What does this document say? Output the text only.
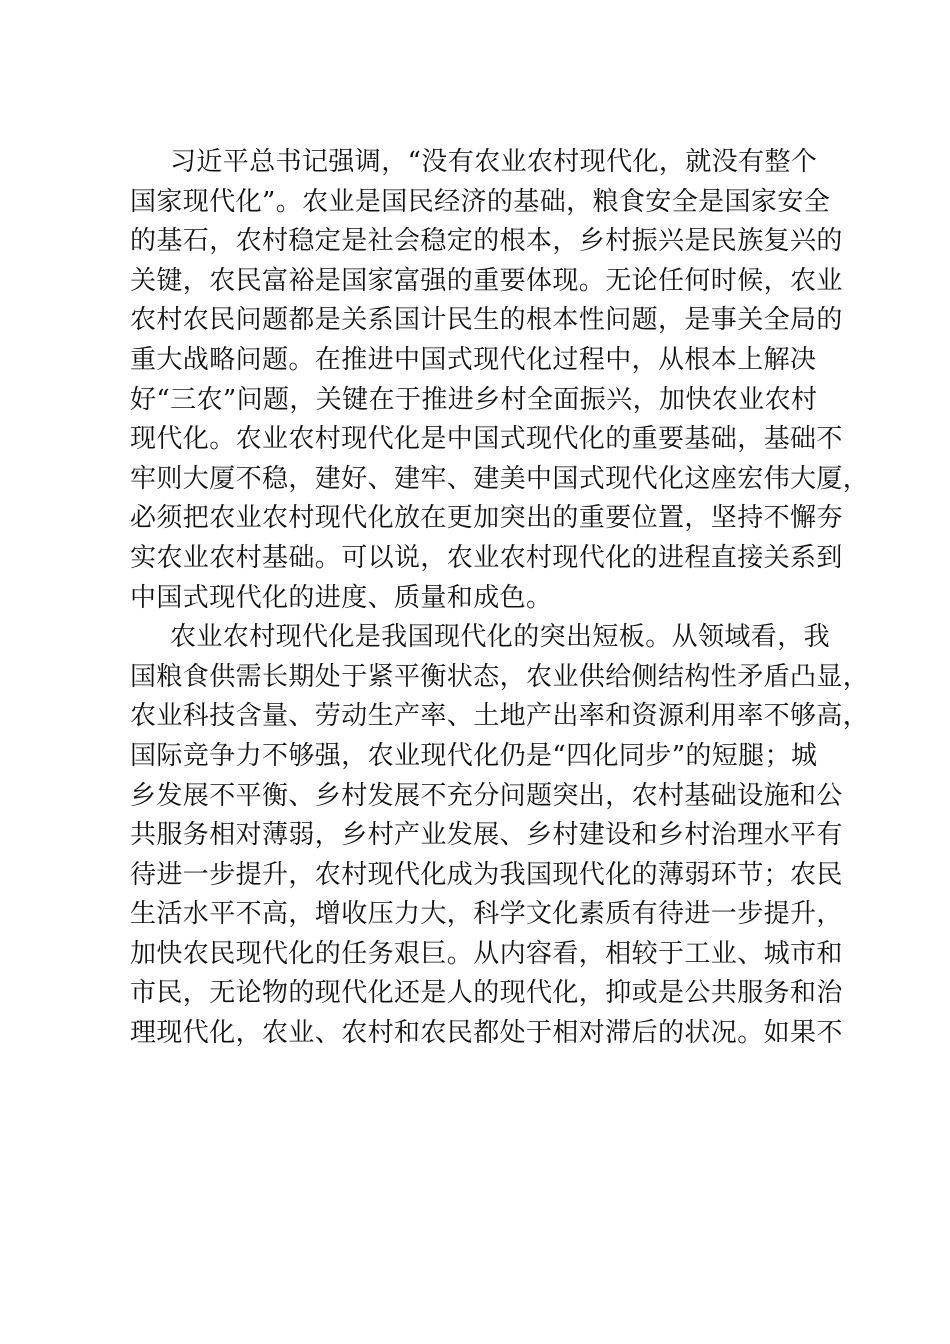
习近平总书记强调，“没有农业农村现代化，就没有整个
国家现代化”。农业是国民经济的基础，粮食安全是国家安全
的基石，农村稳定是社会稳定的根本，乡村振兴是民族复兴的
关键，农民富裕是国家富强的重要体现。无论任何时候，农业
农村农民问题都是关系国计民生的根本性问题，是事关全局的
重大战略问题。在推进中国式现代化过程中，从根本上解决
好“三农”问题，关键在于推进乡村全面振兴，加快农业农村
现代化。农业农村现代化是中国式现代化的重要基础，基础不
牢则大厦不稳，建好、建牢、建美中国式现代化这座宏伟大厦，
必须把农业农村现代化放在更加突出的重要位置，坚持不懈夯
实农业农村基础。可以说，农业农村现代化的进程直接关系到
中国式现代化的进度、质量和成色。
农业农村现代化是我国现代化的突出短板。从领域看，我
国粮食供需长期处于紧平衡状态，农业供给侧结构性矛盾凸显，
农业科技含量、劳动生产率、土地产出率和资源利用率不够高，
国际竞争力不够强，农业现代化仍是“四化同步”的短腿；城
乡发展不平衡、乡村发展不充分问题突出，农村基础设施和公
共服务相对薄弱，乡村产业发展、乡村建设和乡村治理水平有
待进一步提升，农村现代化成为我国现代化的薄弱环节；农民
生活水平不高，增收压力大，科学文化素质有待进一步提升，
加快农民现代化的任务艰巨。从内容看，相较于工业、城市和
市民，无论物的现代化还是人的现代化，抑或是公共服务和治
理现代化，农业、农村和农民都处于相对滞后的状况。如果不
